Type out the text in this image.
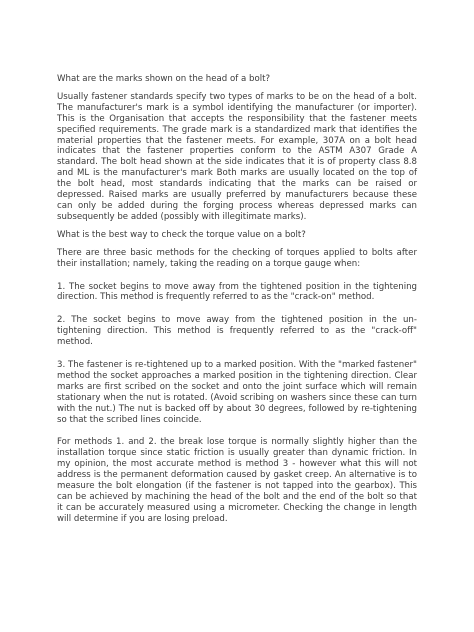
What are the marks shown on the head of a bolt?

Usually fastener standards specify two types of marks to be on the head of a bolt. The manufacturer's mark is a symbol identifying the manufacturer (or importer). This is the Organisation that accepts the responsibility that the fastener meets specified requirements. The grade mark is a standardized mark that identifies the material properties that the fastener meets. For example, 307A on a bolt head indicates that the fastener properties conform to the ASTM A307 Grade A standard. The bolt head shown at the side indicates that it is of property class 8.8 and ML is the manufacturer's mark Both marks are usually located on the top of the bolt head, most standards indicating that the marks can be raised or depressed. Raised marks are usually preferred by manufacturers because these can only be added during the forging process whereas depressed marks can subsequently be added (possibly with illegitimate marks).

What is the best way to check the torque value on a bolt?

There are three basic methods for the checking of torques applied to bolts after their installation; namely, taking the reading on a torque gauge when:

1. The socket begins to move away from the tightened position in the tightening direction. This method is frequently referred to as the "crack-on" method.

2. The socket begins to move away from the tightened position in the un-tightening direction. This method is frequently referred to as the "crack-off" method.

3. The fastener is re-tightened up to a marked position. With the "marked fastener" method the socket approaches a marked position in the tightening direction. Clear marks are first scribed on the socket and onto the joint surface which will remain stationary when the nut is rotated. (Avoid scribing on washers since these can turn with the nut.) The nut is backed off by about 30 degrees, followed by re-tightening so that the scribed lines coincide.

For methods 1. and 2. the break lose torque is normally slightly higher than the installation torque since static friction is usually greater than dynamic friction. In my opinion, the most accurate method is method 3 - however what this will not address is the permanent deformation caused by gasket creep. An alternative is to measure the bolt elongation (if the fastener is not tapped into the gearbox). This can be achieved by machining the head of the bolt and the end of the bolt so that it can be accurately measured using a micrometer. Checking the change in length will determine if you are losing preload.
